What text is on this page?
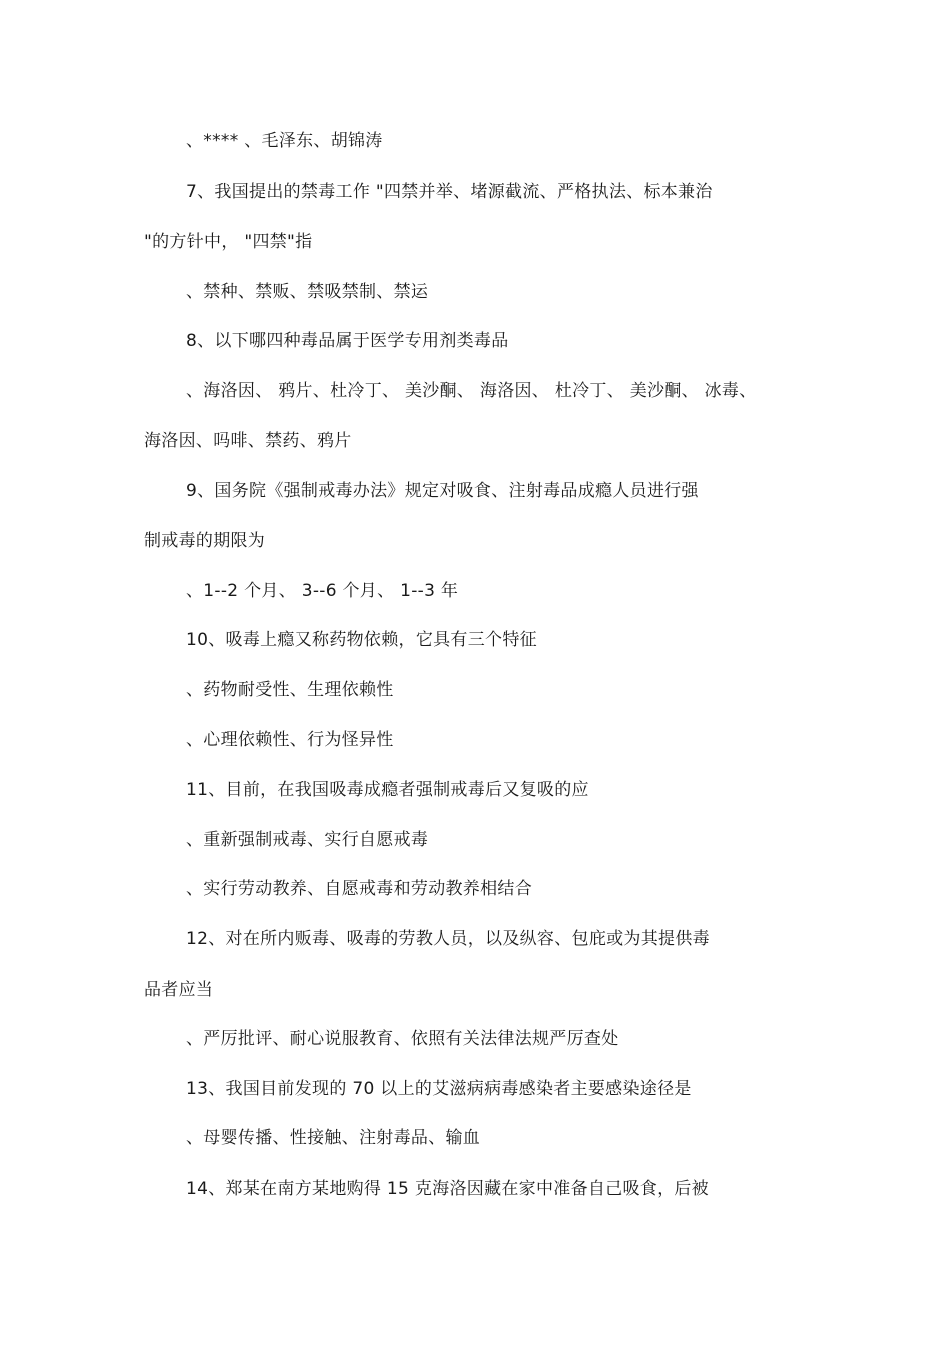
、**** 、毛泽东、胡锦涛
7、我国提出的禁毒工作 "四禁并举、堵源截流、严格执法、标本兼治
"的方针中， "四禁"指
、禁种、禁贩、禁吸禁制、禁运
8、以下哪四种毒品属于医学专用剂类毒品
、海洛因、 鸦片、杜冷丁、 美沙酮、 海洛因、 杜冷丁、 美沙酮、 冰毒、
海洛因、吗啡、禁药、鸦片
9、国务院《强制戒毒办法》规定对吸食、注射毒品成瘾人员进行强
制戒毒的期限为
、1--2 个月、 3--6 个月、 1--3 年
10、吸毒上瘾又称药物依赖，它具有三个特征
、药物耐受性、生理依赖性
、心理依赖性、行为怪异性
11、目前，在我国吸毒成瘾者强制戒毒后又复吸的应
、重新强制戒毒、实行自愿戒毒
、实行劳动教养、自愿戒毒和劳动教养相结合
12、对在所内贩毒、吸毒的劳教人员，以及纵容、包庇或为其提供毒
品者应当
、严厉批评、耐心说服教育、依照有关法律法规严厉查处
13、我国目前发现的 70 以上的艾滋病病毒感染者主要感染途径是
、母婴传播、性接触、注射毒品、输血
14、郑某在南方某地购得 15 克海洛因藏在家中准备自己吸食，后被
